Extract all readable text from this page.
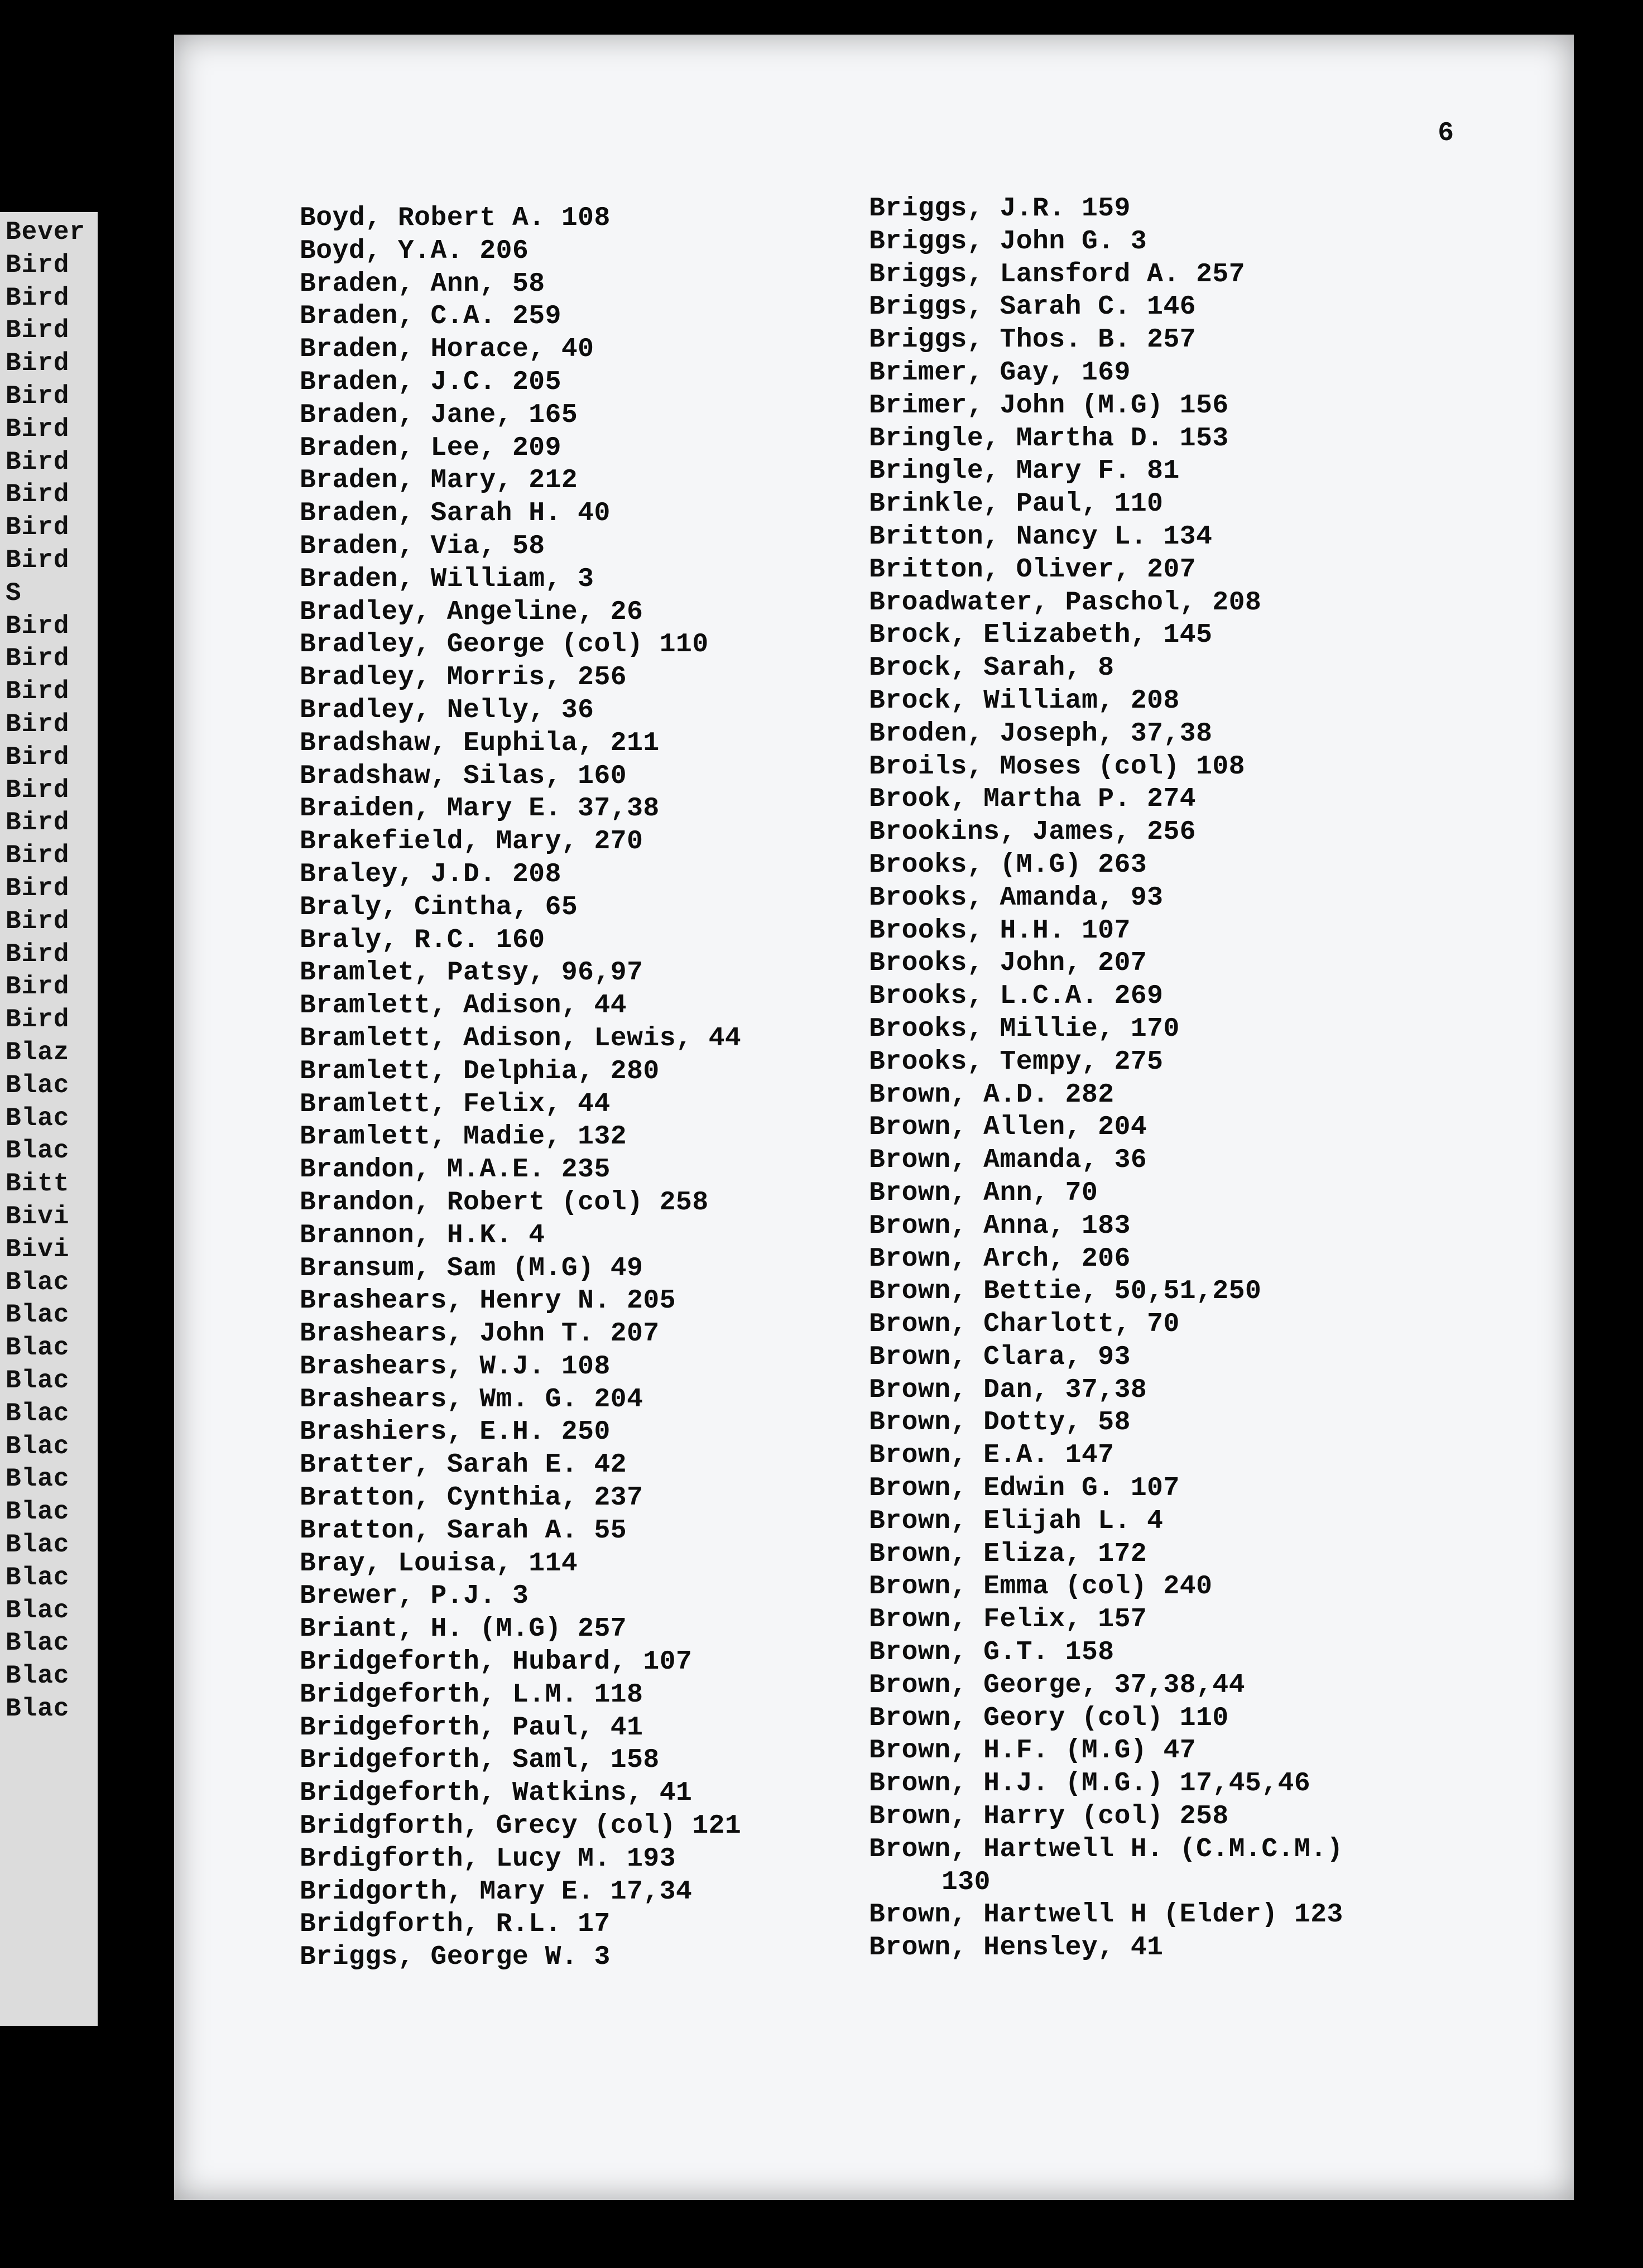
Bever
Bird
Bird
Bird
Bird
Bird
Bird
Bird
Bird
Bird
Bird
S
Bird
Bird
Bird
Bird
Bird
Bird
Bird
Bird
Bird
Bird
Bird
Bird
Bird
Blaz
Blac
Blac
Blac
Bitt
Bivi
Bivi
Blac
Blac
Blac
Blac
Blac
Blac
Blac
Blac
Blac
Blac
Blac
Blac
Blac
Blac
6
Boyd, Robert A. 108
Boyd, Y.A. 206
Braden, Ann, 58
Braden, C.A. 259
Braden, Horace, 40
Braden, J.C. 205
Braden, Jane, 165
Braden, Lee, 209
Braden, Mary, 212
Braden, Sarah H. 40
Braden, Via, 58
Braden, William, 3
Bradley, Angeline, 26
Bradley, George (col) 110
Bradley, Morris, 256
Bradley, Nelly, 36
Bradshaw, Euphila, 211
Bradshaw, Silas, 160
Braiden, Mary E. 37,38
Brakefield, Mary, 270
Braley, J.D. 208
Braly, Cintha, 65
Braly, R.C. 160
Bramlet, Patsy, 96,97
Bramlett, Adison, 44
Bramlett, Adison, Lewis, 44
Bramlett, Delphia, 280
Bramlett, Felix, 44
Bramlett, Madie, 132
Brandon, M.A.E. 235
Brandon, Robert (col) 258
Brannon, H.K. 4
Bransum, Sam (M.G) 49
Brashears, Henry N. 205
Brashears, John T. 207
Brashears, W.J. 108
Brashears, Wm. G. 204
Brashiers, E.H. 250
Bratter, Sarah E. 42
Bratton, Cynthia, 237
Bratton, Sarah A. 55
Bray, Louisa, 114
Brewer, P.J. 3
Briant, H. (M.G) 257
Bridgeforth, Hubard, 107
Bridgeforth, L.M. 118
Bridgeforth, Paul, 41
Bridgeforth, Saml, 158
Bridgeforth, Watkins, 41
Bridgforth, Grecy (col) 121
Brdigforth, Lucy M. 193
Bridgorth, Mary E. 17,34
Bridgforth, R.L. 17
Briggs, George W. 3
Briggs, J.R. 159
Briggs, John G. 3
Briggs, Lansford A. 257
Briggs, Sarah C. 146
Briggs, Thos. B. 257
Brimer, Gay, 169
Brimer, John (M.G) 156
Bringle, Martha D. 153
Bringle, Mary F. 81
Brinkle, Paul, 110
Britton, Nancy L. 134
Britton, Oliver, 207
Broadwater, Paschol, 208
Brock, Elizabeth, 145
Brock, Sarah, 8
Brock, William, 208
Broden, Joseph, 37,38
Broils, Moses (col) 108
Brook, Martha P. 274
Brookins, James, 256
Brooks, (M.G) 263
Brooks, Amanda, 93
Brooks, H.H. 107
Brooks, John, 207
Brooks, L.C.A. 269
Brooks, Millie, 170
Brooks, Tempy, 275
Brown, A.D. 282
Brown, Allen, 204
Brown, Amanda, 36
Brown, Ann, 70
Brown, Anna, 183
Brown, Arch, 206
Brown, Bettie, 50,51,250
Brown, Charlott, 70
Brown, Clara, 93
Brown, Dan, 37,38
Brown, Dotty, 58
Brown, E.A. 147
Brown, Edwin G. 107
Brown, Elijah L. 4
Brown, Eliza, 172
Brown, Emma (col) 240
Brown, Felix, 157
Brown, G.T. 158
Brown, George, 37,38,44
Brown, Geory (col) 110
Brown, H.F. (M.G) 47
Brown, H.J. (M.G.) 17,45,46
Brown, Harry (col) 258
Brown, Hartwell H. (C.M.C.M.)
130
Brown, Hartwell H (Elder) 123
Brown, Hensley, 41
